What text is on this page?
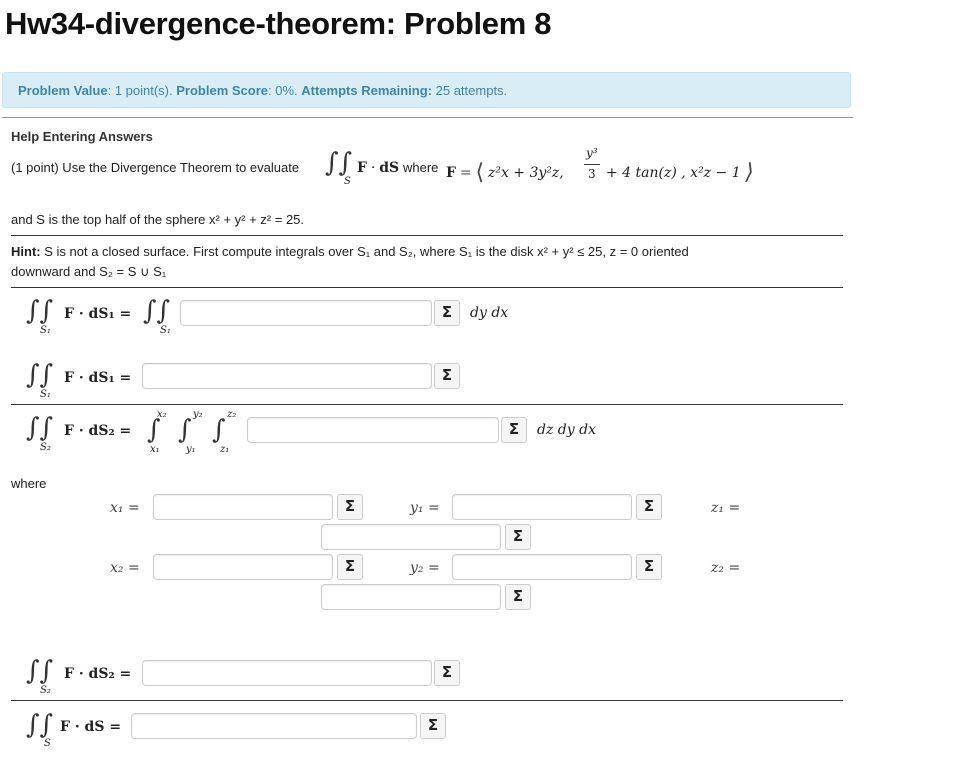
Hw34-divergence-theorem: Problem 8
Problem Value: 1 point(s). Problem Score: 0%. Attempts Remaining: 25 attempts.
Help Entering Answers
(1 point) Use the Divergence Theorem to evaluate ∫∫
S
F · dS where F = ⟨ z²x + 3y²z,
y³
3 + 4 tan(z) , x²z − 1 ⟩
and S is the top half of the sphere x² + y² + z² = 25.
Hint: S is not a closed surface. First compute integrals over S₁ and S₂, where S₁ is the disk x² + y² ≤ 25, z = 0 oriented
downward and S₂ = S ∪ S₁
∫∫
S₁
F · dS₁ = ∫∫
S₁
Σ	dy dx
∫∫
S₁
F · dS₁ =	Σ
∫∫
S₂
F · dS₂ = ∫
x₂
x₁
∫
y₂
y₁
∫
z₂
z₁
Σ	dz dy dx
where
x₁ =	Σ	y₁ =	Σ	z₁ =
Σ
x₂ =	Σ	y₂ =	Σ	z₂ =
Σ
∫∫
S₂
F · dS₂ =	Σ
∫∫
S
F · dS =	Σ
